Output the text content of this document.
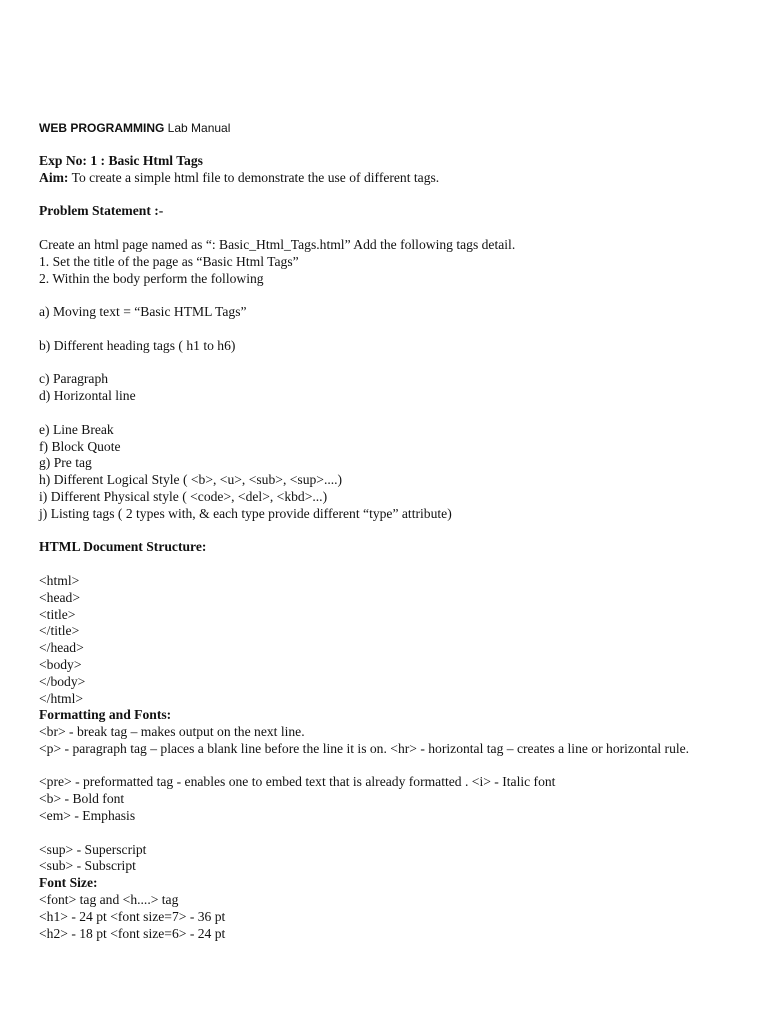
WEB PROGRAMMING Lab Manual

Exp No: 1 : Basic Html Tags

Aim: To create a simple html file to demonstrate the use of different tags.

Problem Statement :-

Create an html page named as “: Basic_Html_Tags.html” Add the following tags detail.

1. Set the title of the page as “Basic Html Tags”

2. Within the body perform the following

a) Moving text = “Basic HTML Tags”

b) Different heading tags ( h1 to h6)

c) Paragraph

d) Horizontal line

e) Line Break

f) Block Quote

g) Pre tag

h) Different Logical Style ( <b>, <u>, <sub>, <sup>....)

i) Different Physical style ( <code>, <del>, <kbd>...)

j) Listing tags ( 2 types with, & each type provide different “type” attribute)

HTML Document Structure:

<html>

<head>

<title>

</title>

</head>

<body>

</body>

</html>

Formatting and Fonts:

<br> - break tag – makes output on the next line.

<p> - paragraph tag – places a blank line before the line it is on. <hr> - horizontal tag – creates a line or horizontal rule.

<pre> - preformatted tag - enables one to embed text that is already formatted . <i> - Italic font

<b> - Bold font

<em> - Emphasis

<sup> - Superscript

<sub> - Subscript

Font Size:

<font> tag and <h....> tag

<h1> - 24 pt <font size=7> - 36 pt

<h2> - 18 pt <font size=6> - 24 pt
